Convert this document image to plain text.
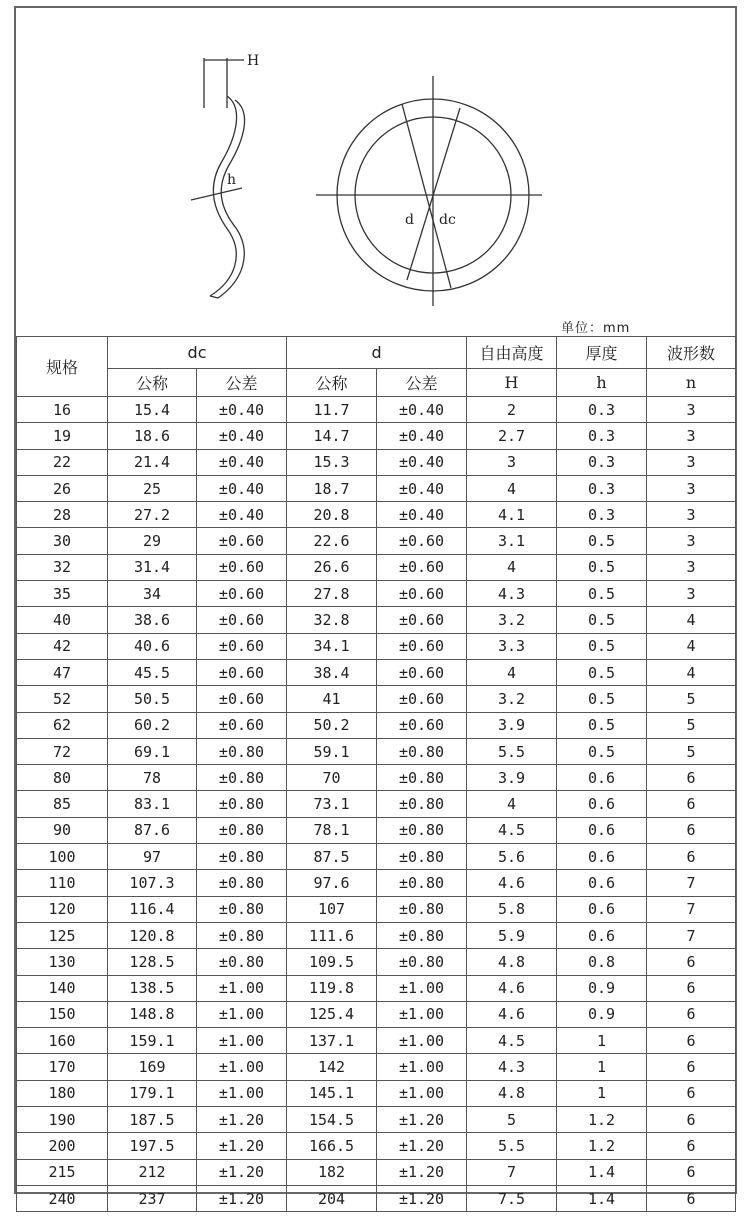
H
h
d dc
单位：mm
规格	dc		d		自由高度	厚度	波形数
	公称	公差	公称	公差	H	h	n
16	15.4	±0.40	11.7	±0.40	2	0.3	3
19	18.6	±0.40	14.7	±0.40	2.7	0.3	3
22	21.4	±0.40	15.3	±0.40	3	0.3	3
26	25	±0.40	18.7	±0.40	4	0.3	3
28	27.2	±0.40	20.8	±0.40	4.1	0.3	3
30	29	±0.60	22.6	±0.60	3.1	0.5	3
32	31.4	±0.60	26.6	±0.60	4	0.5	3
35	34	±0.60	27.8	±0.60	4.3	0.5	3
40	38.6	±0.60	32.8	±0.60	3.2	0.5	4
42	40.6	±0.60	34.1	±0.60	3.3	0.5	4
47	45.5	±0.60	38.4	±0.60	4	0.5	4
52	50.5	±0.60	41	±0.60	3.2	0.5	5
62	60.2	±0.60	50.2	±0.60	3.9	0.5	5
72	69.1	±0.80	59.1	±0.80	5.5	0.5	5
80	78	±0.80	70	±0.80	3.9	0.6	6
85	83.1	±0.80	73.1	±0.80	4	0.6	6
90	87.6	±0.80	78.1	±0.80	4.5	0.6	6
100	97	±0.80	87.5	±0.80	5.6	0.6	6
110	107.3	±0.80	97.6	±0.80	4.6	0.6	7
120	116.4	±0.80	107	±0.80	5.8	0.6	7
125	120.8	±0.80	111.6	±0.80	5.9	0.6	7
130	128.5	±0.80	109.5	±0.80	4.8	0.8	6
140	138.5	±1.00	119.8	±1.00	4.6	0.9	6
150	148.8	±1.00	125.4	±1.00	4.6	0.9	6
160	159.1	±1.00	137.1	±1.00	4.5	1	6
170	169	±1.00	142	±1.00	4.3	1	6
180	179.1	±1.00	145.1	±1.00	4.8	1	6
190	187.5	±1.20	154.5	±1.20	5	1.2	6
200	197.5	±1.20	166.5	±1.20	5.5	1.2	6
215	212	±1.20	182	±1.20	7	1.4	6
240	237	±1.20	204	±1.20	7.5	1.4	6
